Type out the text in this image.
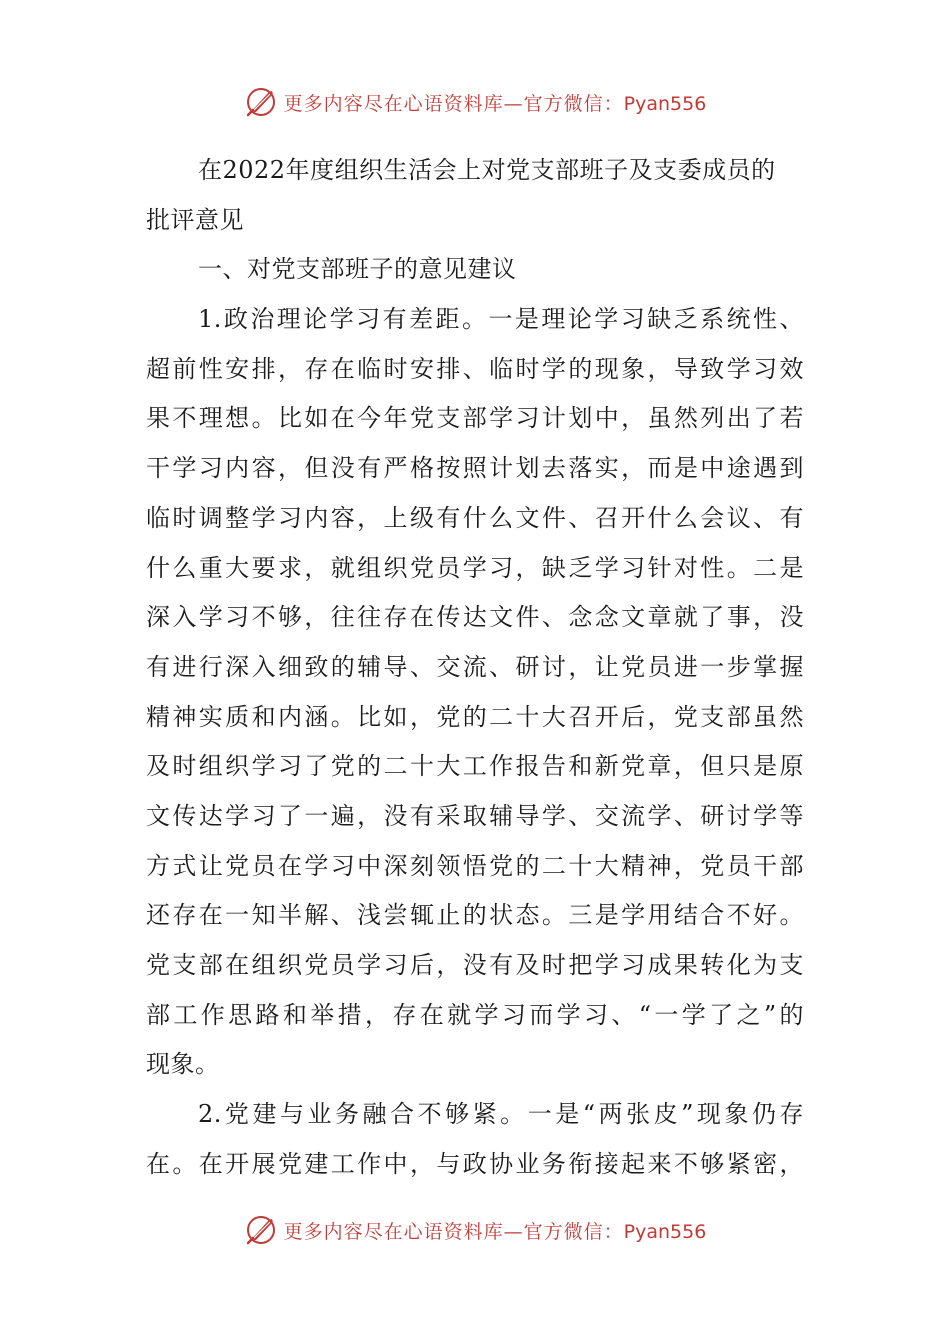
更多内容尽在心语资料库—官方微信：Pyan556
在2022年度组织生活会上对党支部班子及支委成员的
批评意见
一、对党支部班子的意见建议
1.政治理论学习有差距。一是理论学习缺乏系统性、
超前性安排，存在临时安排、临时学的现象，导致学习效
果不理想。比如在今年党支部学习计划中，虽然列出了若
干学习内容，但没有严格按照计划去落实，而是中途遇到
临时调整学习内容，上级有什么文件、召开什么会议、有
什么重大要求，就组织党员学习，缺乏学习针对性。二是
深入学习不够，往往存在传达文件、念念文章就了事，没
有进行深入细致的辅导、交流、研讨，让党员进一步掌握
精神实质和内涵。比如，党的二十大召开后，党支部虽然
及时组织学习了党的二十大工作报告和新党章，但只是原
文传达学习了一遍，没有采取辅导学、交流学、研讨学等
方式让党员在学习中深刻领悟党的二十大精神，党员干部
还存在一知半解、浅尝辄止的状态。三是学用结合不好。
党支部在组织党员学习后，没有及时把学习成果转化为支
部工作思路和举措，存在就学习而学习、“一学了之”的
现象。
2.党建与业务融合不够紧。一是“两张皮”现象仍存
在。在开展党建工作中，与政协业务衔接起来不够紧密，
更多内容尽在心语资料库—官方微信：Pyan556
